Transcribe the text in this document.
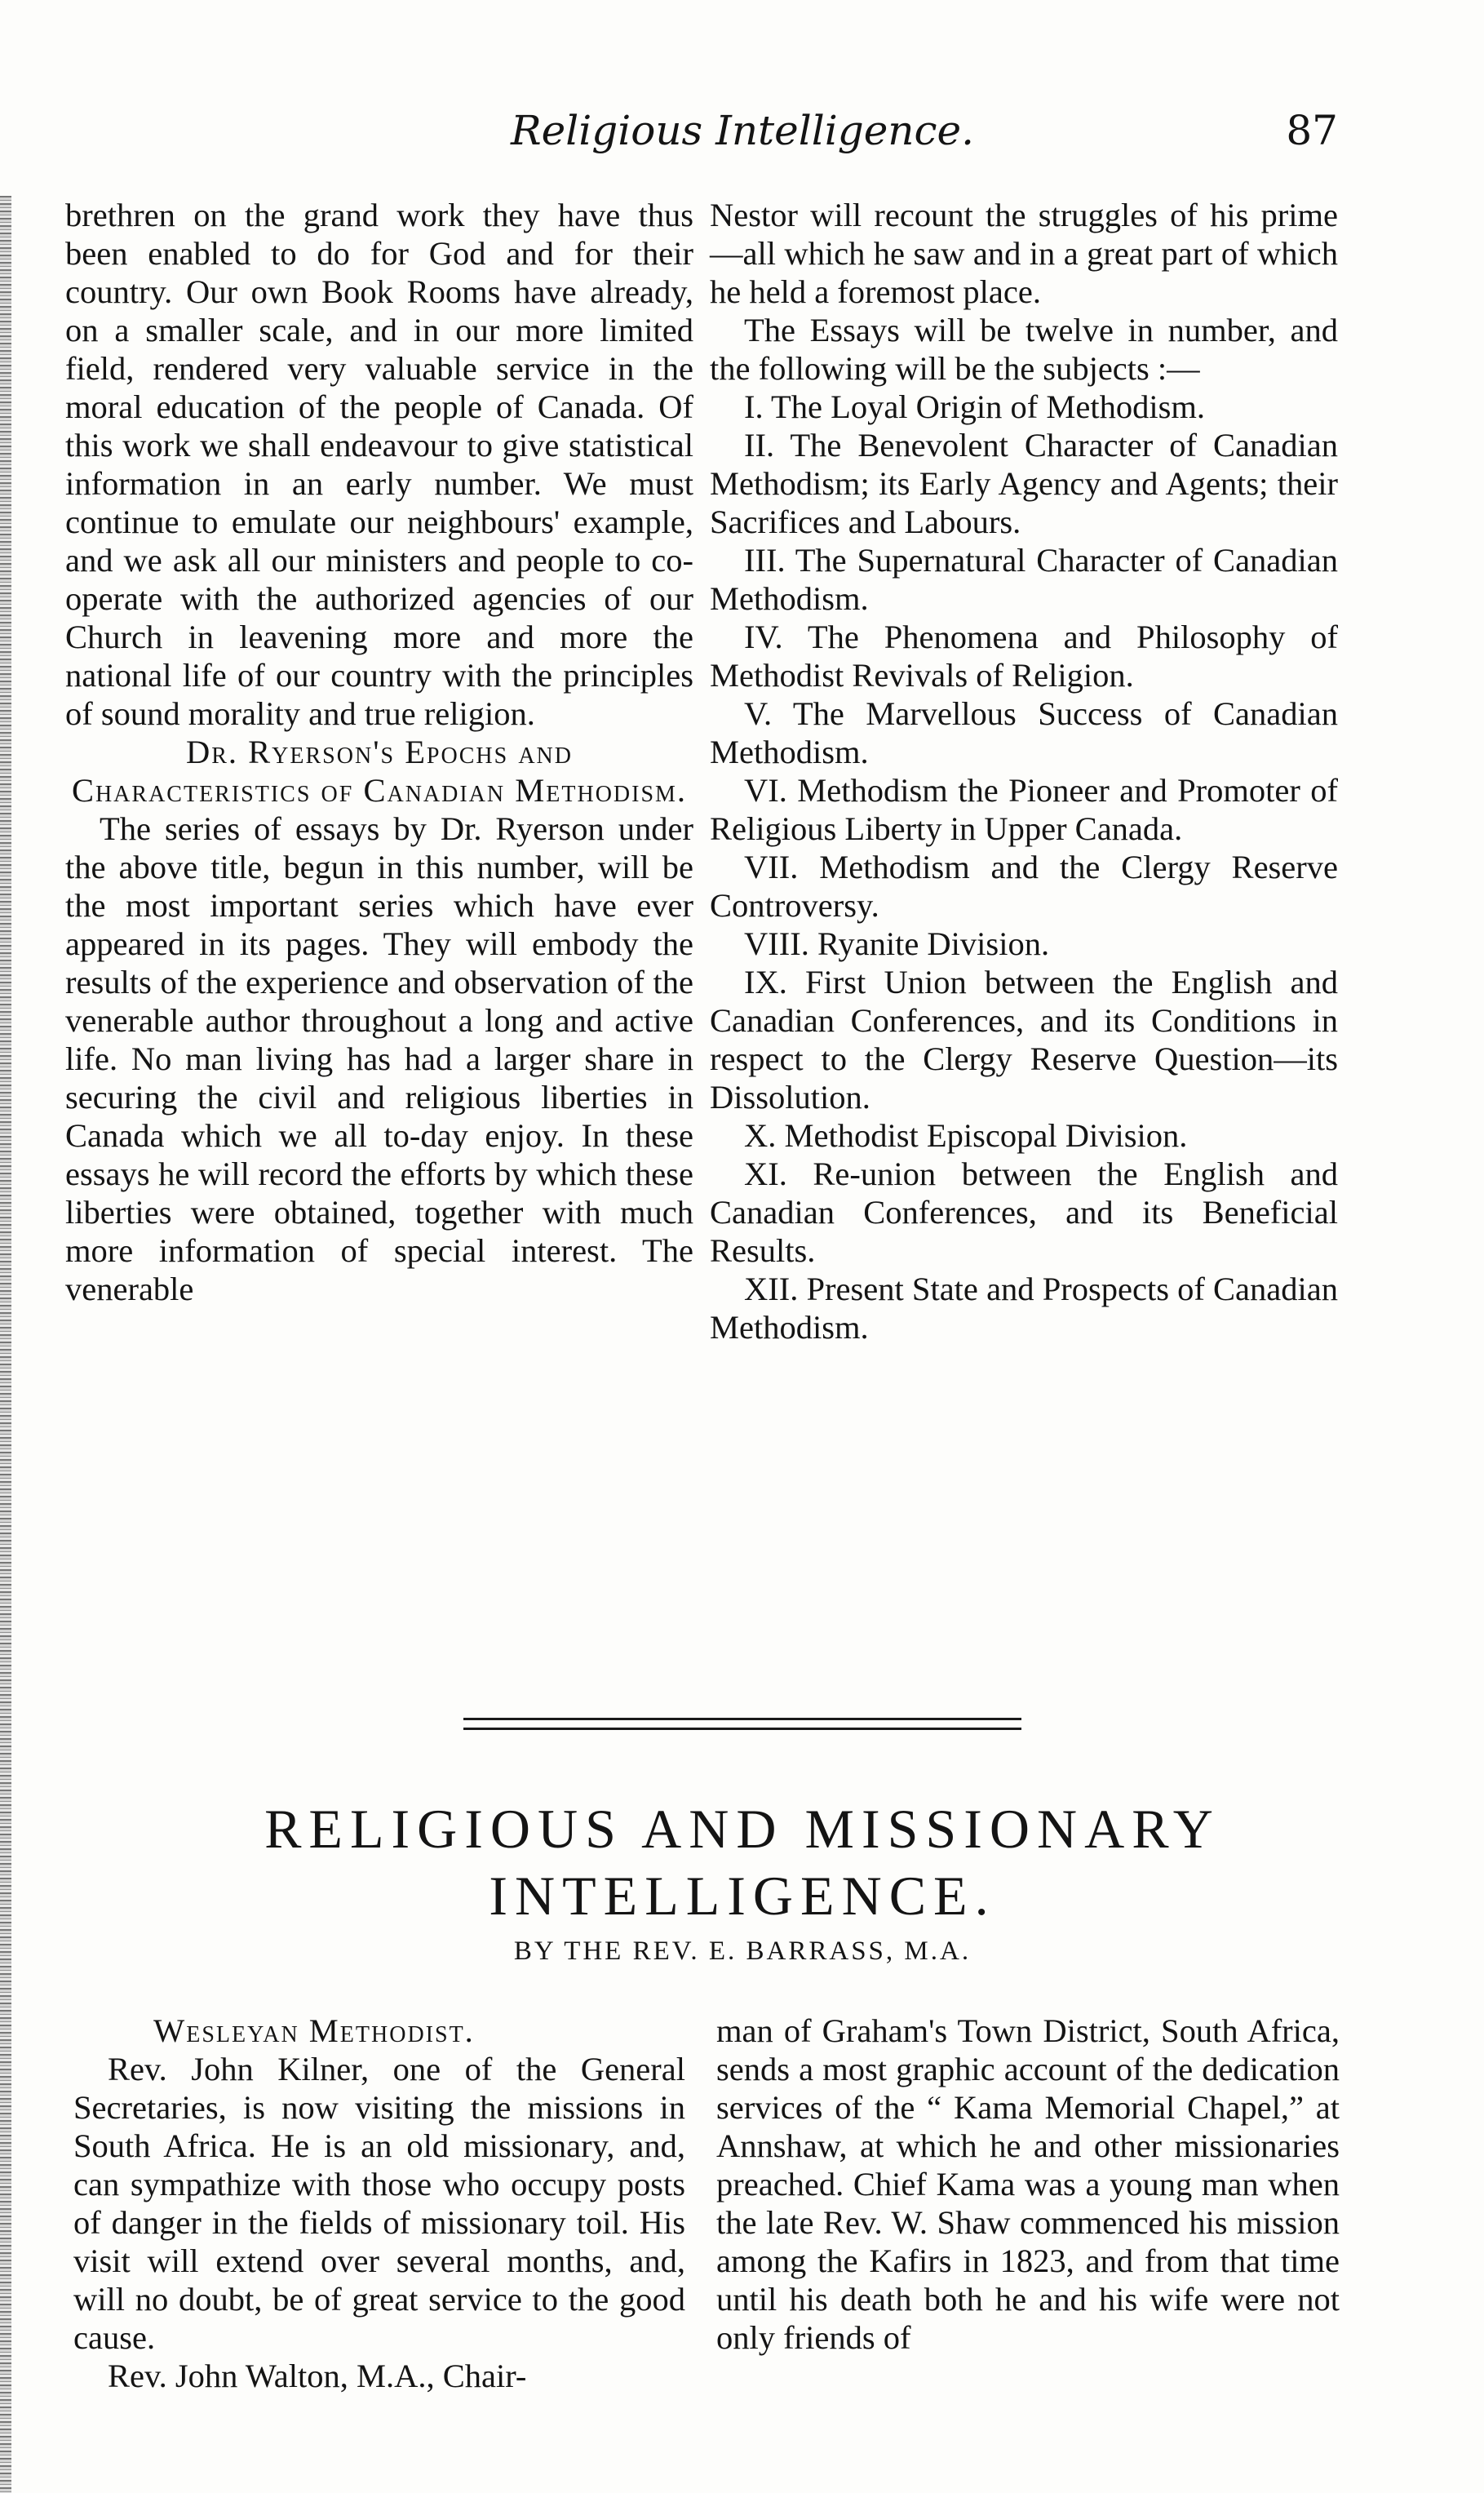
Religious Intelligence.	87

brethren on the grand work they have thus been enabled to do for God and for their country. Our own Book Rooms have already, on a smaller scale, and in our more limited field, rendered very valuable service in the moral education of the people of Canada. Of this work we shall endeavour to give statistical information in an early number. We must continue to emulate our neighbours' example, and we ask all our ministers and people to co-operate with the authorized agencies of our Church in leavening more and more the national life of our country with the principles of sound morality and true religion.

Dr. Ryerson's Epochs and Characteristics of Canadian Methodism.

The series of essays by Dr. Ryerson under the above title, begun in this number, will be the most important series which have ever appeared in its pages. They will embody the results of the experience and observation of the venerable author throughout a long and active life. No man living has had a larger share in securing the civil and religious liberties in Canada which we all to-day enjoy. In these essays he will record the efforts by which these liberties were obtained, together with much more information of special interest. The venerable

Nestor will recount the struggles of his prime—all which he saw and in a great part of which he held a foremost place.

The Essays will be twelve in number, and the following will be the subjects :—

I. The Loyal Origin of Methodism.

II. The Benevolent Character of Canadian Methodism; its Early Agency and Agents; their Sacrifices and Labours.

III. The Supernatural Character of Canadian Methodism.

IV. The Phenomena and Philosophy of Methodist Revivals of Religion.

V. The Marvellous Success of Canadian Methodism.

VI. Methodism the Pioneer and Promoter of Religious Liberty in Upper Canada.

VII. Methodism and the Clergy Reserve Controversy.

VIII. Ryanite Division.

IX. First Union between the English and Canadian Conferences, and its Conditions in respect to the Clergy Reserve Question—its Dissolution.

X. Methodist Episcopal Division.

XI. Re-union between the English and Canadian Conferences, and its Beneficial Results.

XII. Present State and Prospects of Canadian Methodism.

RELIGIOUS AND MISSIONARY
INTELLIGENCE.
BY THE REV. E. BARRASS, M.A.

Wesleyan Methodist.

Rev. John Kilner, one of the General Secretaries, is now visiting the missions in South Africa. He is an old missionary, and, can sympathize with those who occupy posts of danger in the fields of missionary toil. His visit will extend over several months, and, will no doubt, be of great service to the good cause.

Rev. John Walton, M.A., Chair-

man of Graham's Town District, South Africa, sends a most graphic account of the dedication services of the “ Kama Memorial Chapel,” at Annshaw, at which he and other missionaries preached. Chief Kama was a young man when the late Rev. W. Shaw commenced his mission among the Kafirs in 1823, and from that time until his death both he and his wife were not only friends of
